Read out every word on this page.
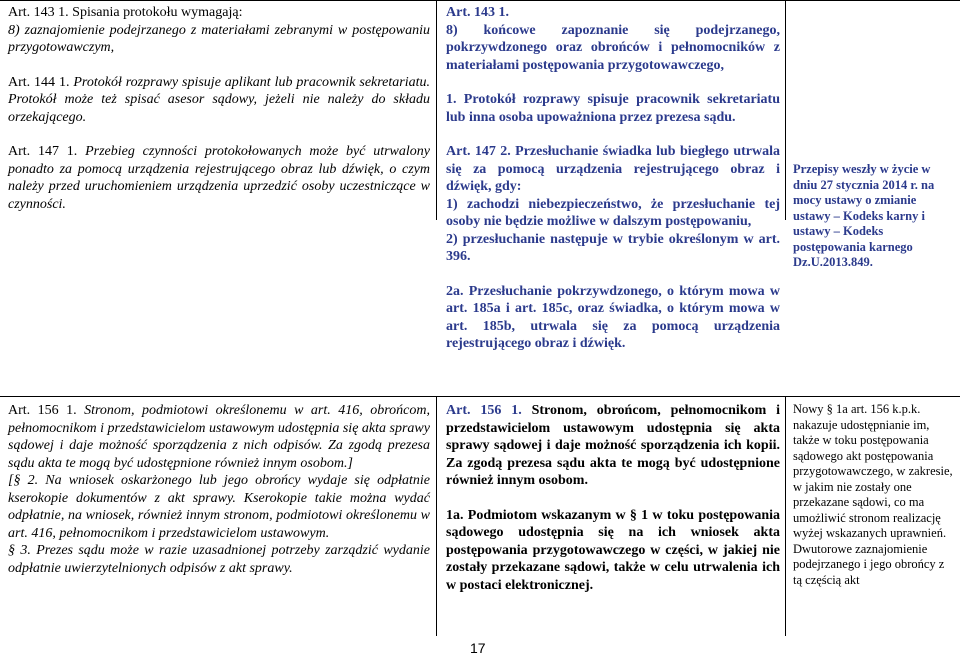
Art. 143 1. Spisania protokołu wymagają:
8) zaznajomienie podejrzanego z materiałami zebranymi w postępowaniu przygotowawczym,

Art. 144 1. Protokół rozprawy spisuje aplikant lub pracownik sekretariatu. Protokół może też spisać asesor sądowy, jeżeli nie należy do składu orzekającego.

Art. 147 1. Przebieg czynności protokołowanych może być utrwalony ponadto za pomocą urządzenia rejestrującego obraz lub dźwięk, o czym należy przed uruchomieniem urządzenia uprzedzić osoby uczestniczące w czynności.

Art. 143 1.
8) końcowe zapoznanie się podejrzanego, pokrzywdzonego oraz obrońców i pełnomocników z materiałami postępowania przygotowawczego,

1. Protokół rozprawy spisuje pracownik sekretariatu lub inna osoba upoważniona przez prezesa sądu.

Art. 147 2. Przesłuchanie świadka lub biegłego utrwala się za pomocą urządzenia rejestrującego obraz i dźwięk, gdy:
1) zachodzi niebezpieczeństwo, że przesłuchanie tej osoby nie będzie możliwe w dalszym postępowaniu,
2) przesłuchanie następuje w trybie określonym w art. 396.

2a. Przesłuchanie pokrzywdzonego, o którym mowa w art. 185a i art. 185c, oraz świadka, o którym mowa w art. 185b, utrwala się za pomocą urządzenia rejestrującego obraz i dźwięk.

Przepisy weszły w życie w dniu 27 stycznia 2014 r. na mocy ustawy o zmianie ustawy – Kodeks karny i ustawy – Kodeks postępowania karnego Dz.U.2013.849.

Art. 156 1. Stronom, podmiotowi określonemu w art. 416, obrońcom, pełnomocnikom i przedstawicielom ustawowym udostępnia się akta sprawy sądowej i daje możność sporządzenia z nich odpisów. Za zgodą prezesa sądu akta te mogą być udostępnione również innym osobom.]

[§ 2. Na wniosek oskarżonego lub jego obrońcy wydaje się odpłatnie kserokopie dokumentów z akt sprawy. Kserokopie takie można wydać odpłatnie, na wniosek, również innym stronom, podmiotowi określonemu w art. 416, pełnomocnikom i przedstawicielom ustawowym.

§ 3. Prezes sądu może w razie uzasadnionej potrzeby zarządzić wydanie odpłatnie uwierzytelnionych odpisów z akt sprawy.

Art. 156 1. Stronom, obrońcom, pełnomocnikom i przedstawicielom ustawowym udostępnia się akta sprawy sądowej i daje możność sporządzenia ich kopii. Za zgodą prezesa sądu akta te mogą być udostępnione również innym osobom.

1a. Podmiotom wskazanym w § 1 w toku postępowania sądowego udostępnia się na ich wniosek akta postępowania przygotowawczego w części, w jakiej nie zostały przekazane sądowi, także w celu utrwalenia ich w postaci elektronicznej.

Nowy § 1a art. 156 k.p.k. nakazuje udostępnianie im, także w toku postępowania sądowego akt postępowania przygotowawczego, w zakresie, w jakim nie zostały one przekazane sądowi, co ma umożliwić stronom realizację wyżej wskazanych uprawnień. Dwutorowe zaznajomienie podejrzanego i jego obrońcy z tą częścią akt

17
